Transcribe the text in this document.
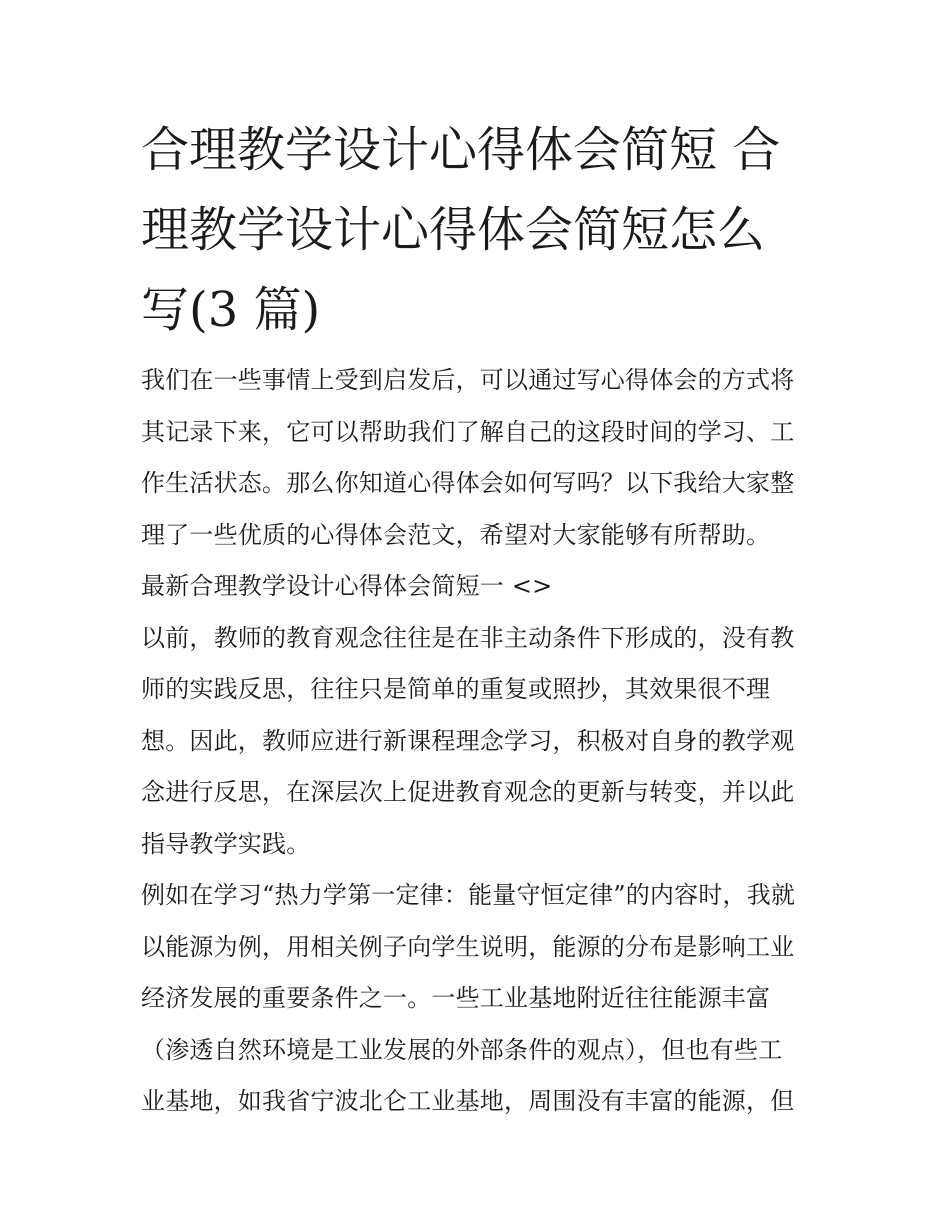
合理教学设计心得体会简短 合
理教学设计心得体会简短怎么
写(3 篇)
我们在一些事情上受到启发后，可以通过写心得体会的方式将
其记录下来，它可以帮助我们了解自己的这段时间的学习、工
作生活状态。那么你知道心得体会如何写吗？以下我给大家整
理了一些优质的心得体会范文，希望对大家能够有所帮助。
最新合理教学设计心得体会简短一 <>
以前，教师的教育观念往往是在非主动条件下形成的，没有教
师的实践反思，往往只是简单的重复或照抄，其效果很不理
想。因此，教师应进行新课程理念学习，积极对自身的教学观
念进行反思，在深层次上促进教育观念的更新与转变，并以此
指导教学实践。
例如在学习“热力学第一定律：能量守恒定律”的内容时，我就
以能源为例，用相关例子向学生说明，能源的分布是影响工业
经济发展的重要条件之一。一些工业基地附近往往能源丰富
（渗透自然环境是工业发展的外部条件的观点），但也有些工
业基地，如我省宁波北仑工业基地，周围没有丰富的能源，但
